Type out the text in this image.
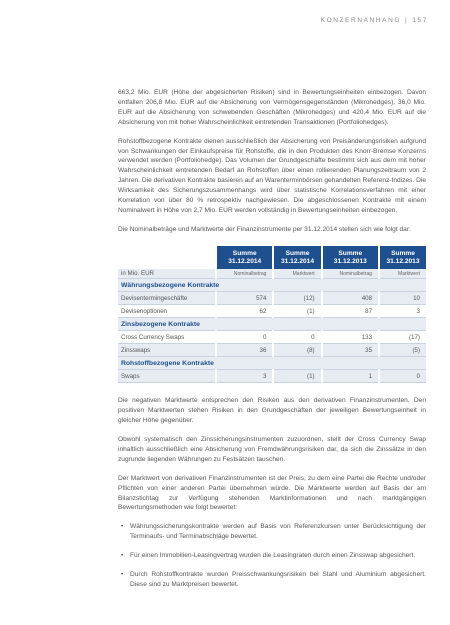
KONZERNANHANG | 157

663,2 Mio. EUR (Höhe der abgesicherten Risiken) sind in Bewertungseinheiten einbezogen. Davon entfallen 206,8 Mio. EUR auf die Absicherung von Vermögensgegenständen (Mikrohedges), 36,0 Mio. EUR auf die Absicherung von schwebenden Geschäften (Mikrohedges) und 420,4 Mio. EUR auf die Absicherung von mit hoher Wahrscheinlichkeit eintretenden Transaktionen (Portfoliohedges).

Rohstoffbezogene Kontrakte dienen ausschließlich der Absicherung von Preisänderungsrisiken aufgrund von Schwankungen der Einkaufspreise für Rohstoffe, die in den Produkten des Knorr-Bremse Konzerns verwendet werden (Portfoliohedge). Das Volumen der Grundgeschäfte bestimmt sich aus dem mit hoher Wahrscheinlichkeit eintretenden Bedarf an Rohstoffen über einen rollierenden Planungszeitraum von 2 Jahren. Die derivativen Kontrakte basieren auf an Warenterminbörsen gehandelten Referenz-Indizes. Die Wirksamkeit des Sicherungszusammenhangs wird über statistische Korrelationsverfahren mit einer Korrelation von über 80 % retrospektiv nachgewiesen. Die abgeschlossenen Kontrakte mit einem Nominalwert in Höhe von 2,7 Mio. EUR werden vollständig in Bewertungseinheiten einbezogen.

Die Nominalbeträge und Marktwerte der Finanzinstrumente per 31.12.2014 stellen sich wie folgt dar:

	Summe
31.12.2014	Summe
31.12.2014	Summe
31.12.2013	Summe
31.12.2013
in Mio. EUR	Nominalbetrag	Marktwert	Nominalbetrag	Marktwert
Währungsbezogene Kontrakte				
Devisentermingeschäfte	574	(12)	408	10
Devisenoptionen	62	(1)	87	3
Zinsbezogene Kontrakte				
Cross Currency Swaps	0	0	133	(17)
Zinsswaps	36	(8)	35	(5)
Rohstoffbezogene Kontrakte				
Swaps	3	(1)	1	0

Die negativen Marktwerte entsprechen den Risiken aus den derivativen Finanzinstrumenten. Den positiven Marktwerten stehen Risiken in den Grundgeschäften der jeweiligen Bewertungseinheit in gleicher Höhe gegenüber.

Obwohl systematisch den Zinssicherungsinstrumenten zuzuordnen, stellt der Cross Currency Swap inhaltlich ausschließlich eine Absicherung von Fremdwährungsrisiken dar, da sich die Zinssätze in den zugrunde liegenden Währungen zu Festsätzen tauschen.

Der Marktwert von derivativen Finanzinstrumenten ist der Preis, zu dem eine Partei die Rechte und/oder Pflichten von einer anderen Partei übernehmen würde. Die Marktwerte werden auf Basis der am Bilanzstichtag zur Verfügung stehenden Marktinformationen und nach marktgängigen Bewertungsmethoden wie folgt bewertet:

• Währungssicherungskontrakte werden auf Basis von Referenzkursen unter Berücksichtigung der Terminaufs- und Terminabschläge bewertet.
• Für einen Immobilien-Leasingvertrag wurden die Leasingraten durch einen Zinsswap abgesichert.
• Durch Rohstoffkontrakte wurden Preisschwankungsrisiken bei Stahl und Aluminium abgesichert. Diese sind zu Marktpreisen bewertet.
